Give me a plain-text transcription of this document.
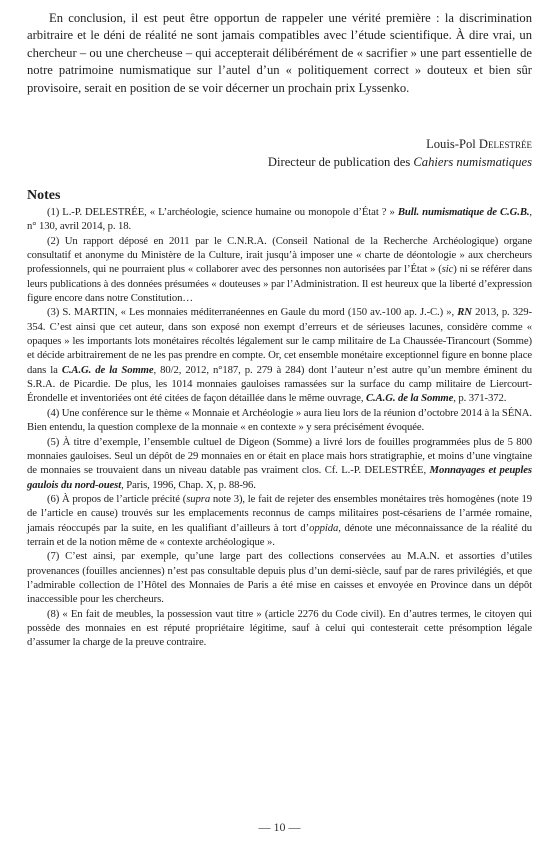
En conclusion, il est peut être opportun de rappeler une vérité première : la discrimination arbitraire et le déni de réalité ne sont jamais compatibles avec l’étude scientifique. À dire vrai, un chercheur – ou une chercheuse – qui accepterait délibérément de « sacrifier » une part essentielle de notre patrimoine numismatique sur l’autel d’un « politiquement correct » douteux et bien sûr provisoire, serait en position de se voir décerner un prochain prix Lyssenko.

Louis-Pol Delestrée
Directeur de publication des Cahiers numismatiques
Notes

(1) L.-P. DELESTRÉE, « L’archéologie, science humaine ou monopole d’État ? » Bull. numismatique de C.G.B., n° 130, avril 2014, p. 18.

(2) Un rapport déposé en 2011 par le C.N.R.A. (Conseil National de la Recherche Archéologique) organe consultatif et anonyme du Ministère de la Culture, irait jusqu’à imposer une « charte de déontologie » aux chercheurs professionnels, qui ne pourraient plus « collaborer avec des personnes non autorisées par l’État » (sic) ni se référer dans leurs publications à des données présumées « douteuses » par l’Administration. Il est heureux que la liberté d’expression figure encore dans notre Constitution…

(3) S. MARTIN, « Les monnaies méditerranéennes en Gaule du mord (150 av.-100 ap. J.-C.) », RN 2013, p. 329-354. C’est ainsi que cet auteur, dans son exposé non exempt d’erreurs et de sérieuses lacunes, considère comme « opaques » les importants lots monétaires récoltés légalement sur le camp militaire de La Chaussée-Tirancourt (Somme) et décide arbitrairement de ne les pas prendre en compte. Or, cet ensemble monétaire exceptionnel figure en bonne place dans la C.A.G. de la Somme, 80/2, 2012, n°187, p. 279 à 284) dont l’auteur n’est autre qu’un membre éminent du S.R.A. de Picardie. De plus, les 1014 monnaies gauloises ramassées sur la surface du camp militaire de Liercourt-Érondelle et inventoriées ont été citées de façon détaillée dans le même ouvrage, C.A.G. de la Somme, p. 371-372.

(4) Une conférence sur le thème « Monnaie et Archéologie » aura lieu lors de la réunion d’octobre 2014 à la SÉNA. Bien entendu, la question complexe de la monnaie « en contexte » y sera précisément évoquée.

(5) À titre d’exemple, l’ensemble cultuel de Digeon (Somme) a livré lors de fouilles programmées plus de 5 800 monnaies gauloises. Seul un dépôt de 29 monnaies en or était en place mais hors stratigraphie, et moins d’une vingtaine de monnaies se trouvaient dans un niveau datable pas vraiment clos. Cf. L.-P. DELESTRÉE, Monnayages et peuples gaulois du nord-ouest, Paris, 1996, Chap. X, p. 88-96.

(6) À propos de l’article précité (supra note 3), le fait de rejeter des ensembles monétaires très homogènes (note 19 de l’article en cause) trouvés sur les emplacements reconnus de camps militaires post-césariens de l’armée romaine, jamais réoccupés par la suite, en les qualifiant d’ailleurs à tort d’oppida, dénote une méconnaissance de la réalité du terrain et de la notion même de « contexte archéologique ».

(7) C’est ainsi, par exemple, qu’une large part des collections conservées au M.A.N. et assorties d’utiles provenances (fouilles anciennes) n’est pas consultable depuis plus d’un demi-siècle, sauf par de rares privilégiés, et que l’admirable collection de l’Hôtel des Monnaies de Paris a été mise en caisses et envoyée en Province dans un dépôt inaccessible pour les chercheurs.

(8) « En fait de meubles, la possession vaut titre » (article 2276 du Code civil). En d’autres termes, le citoyen qui possède des monnaies en est réputé propriétaire légitime, sauf à celui qui contesterait cette présomption légale d’assumer la charge de la preuve contraire.

— 10 —
